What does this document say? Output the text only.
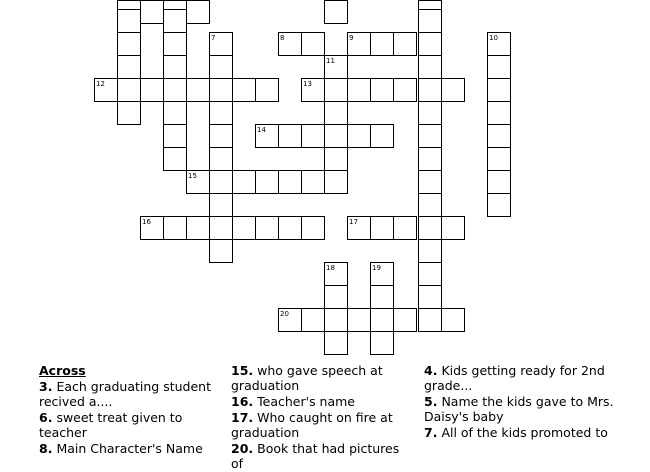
7	8	9	10
11
12	13
14
15
16	17
18	19
20
Across
3. Each graduating student recived a....
6. sweet treat given to teacher
8. Main Character's Name
15. who gave speech at graduation
16. Teacher's name
17. Who caught on fire at graduation
20. Book that had pictures of
4. Kids getting ready for 2nd grade...
5. Name the kids gave to Mrs. Daisy's baby
7. All of the kids promoted to
